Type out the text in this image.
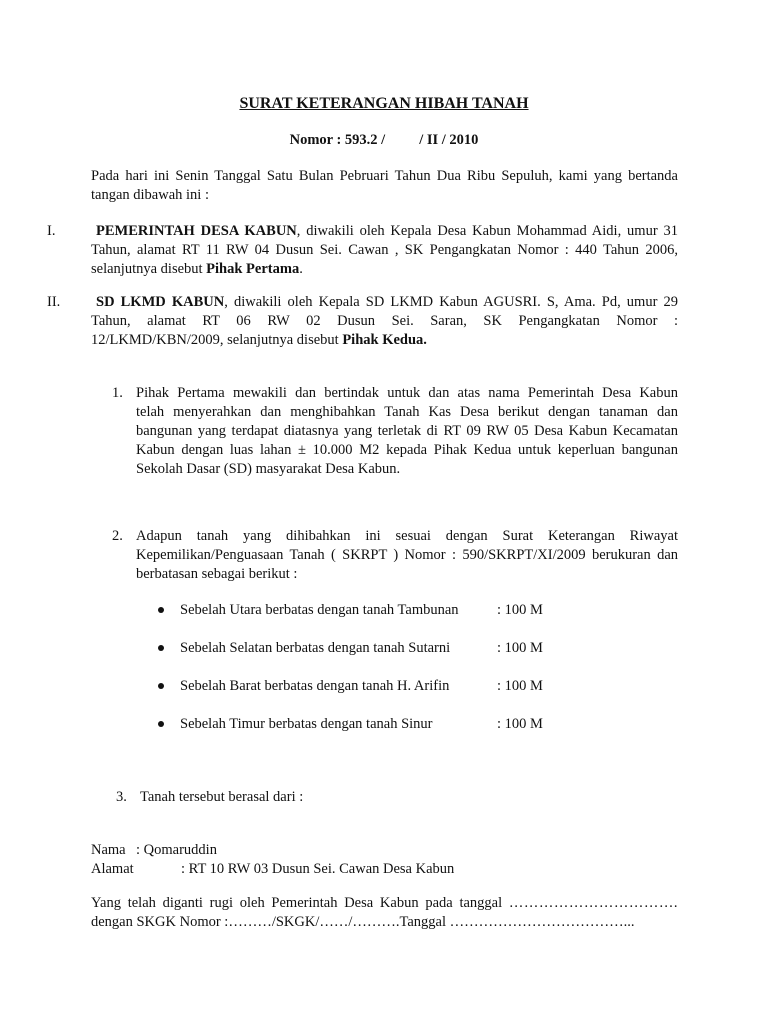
SURAT KETERANGAN HIBAH TANAH
Nomor : 593.2 / / II / 2010
Pada hari ini Senin Tanggal Satu Bulan Pebruari Tahun Dua Ribu Sepuluh, kami yang bertanda
tangan dibawah ini :
I.	PEMERINTAH DESA KABUN, diwakili oleh Kepala Desa Kabun Mohammad Aidi, umur 31
Tahun, alamat RT 11 RW 04 Dusun Sei. Cawan , SK Pengangkatan Nomor : 440 Tahun 2006,
selanjutnya disebut Pihak Pertama.
II. SD LKMD KABUN, diwakili oleh Kepala SD LKMD Kabun AGUSRI. S, Ama. Pd, umur 29
Tahun, alamat RT 06 RW 02 Dusun Sei. Saran, SK Pengangkatan Nomor :
12/LKMD/KBN/2009, selanjutnya disebut Pihak Kedua.
1. Pihak Pertama mewakili dan bertindak untuk dan atas nama Pemerintah Desa Kabun
telah menyerahkan dan menghibahkan Tanah Kas Desa berikut dengan tanaman dan
bangunan yang terdapat diatasnya yang terletak di RT 09 RW 05 Desa Kabun Kecamatan
Kabun dengan luas lahan ± 10.000 M2 kepada Pihak Kedua untuk keperluan bangunan
Sekolah Dasar (SD) masyarakat Desa Kabun.
2. Adapun tanah yang dihibahkan ini sesuai dengan Surat Keterangan Riwayat
Kepemilikan/Penguasaan Tanah ( SKRPT ) Nomor : 590/SKRPT/XI/2009 berukuran dan
berbatasan sebagai berikut :
Sebelah Utara berbatas dengan tanah Tambunan	: 100 M
Sebelah Selatan berbatas dengan tanah Sutarni	: 100 M
Sebelah Barat berbatas dengan tanah H. Arifin	: 100 M
Sebelah Timur berbatas dengan tanah Sinur	: 100 M
3. Tanah tersebut berasal dari :
Nama : Qomaruddin
Alamat	: RT 10 RW 03 Dusun Sei. Cawan Desa Kabun
Yang telah diganti rugi oleh Pemerintah Desa Kabun pada tanggal …………………………….
dengan SKGK Nomor :………/SKGK/……/……….Tanggal ………………………………...
